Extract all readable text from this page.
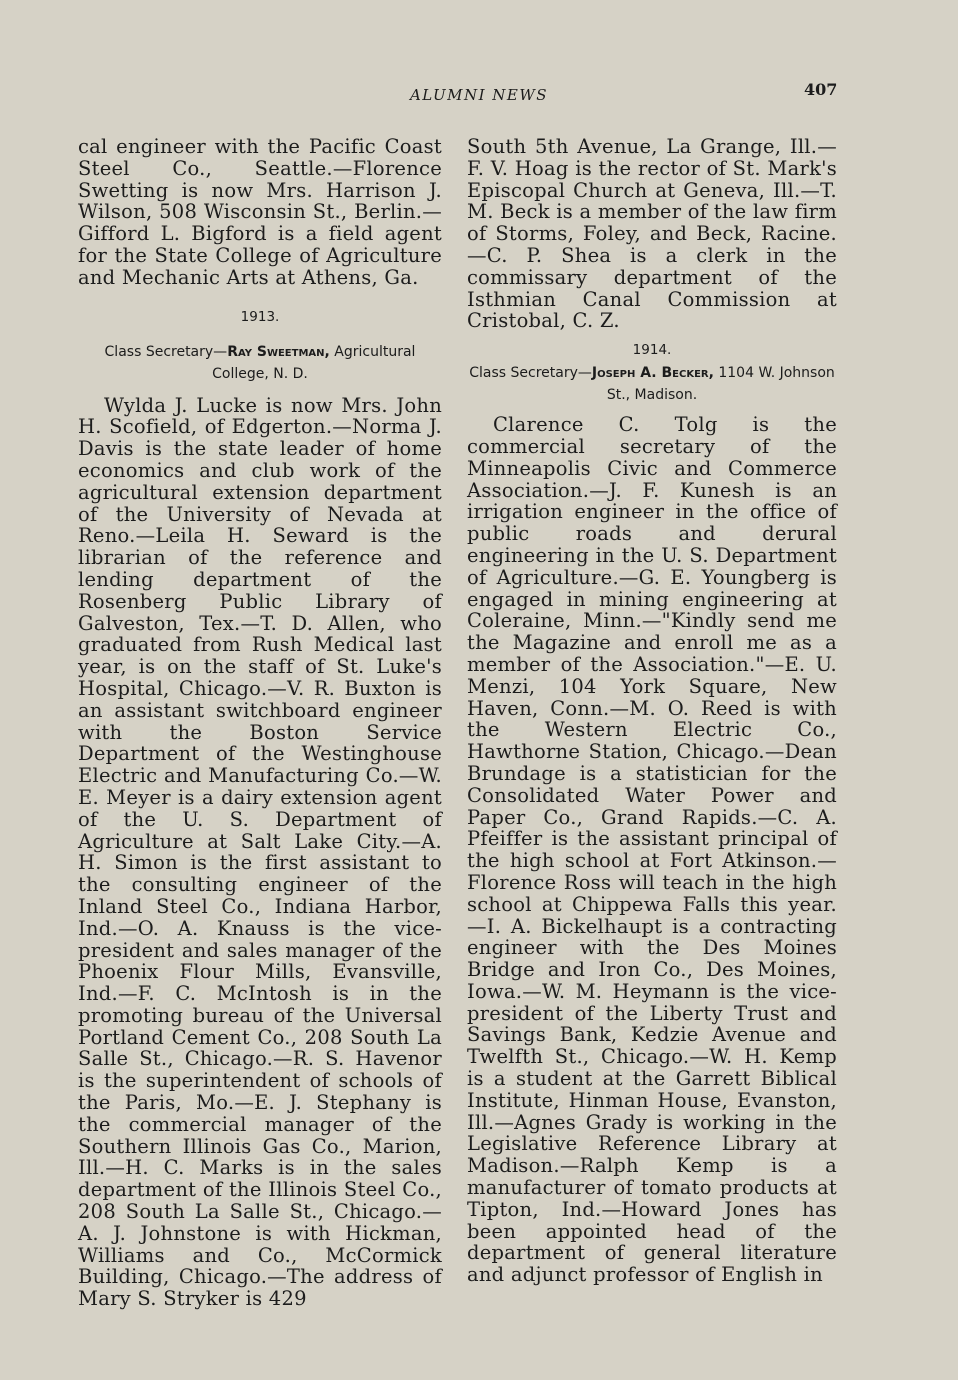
ALUMNI NEWS	407

cal engineer with the Pacific Coast Steel Co., Seattle.—Florence Swetting is now Mrs. Harrison J. Wilson, 508 Wisconsin St., Berlin.—Gifford L. Bigford is a field agent for the State College of Agriculture and Mechanic Arts at Athens, Ga.

1913.
Class Secretary—Ray Sweetman, Agricultural College, N. D.

Wylda J. Lucke is now Mrs. John H. Scofield, of Edgerton.—Norma J. Davis is the state leader of home economics and club work of the agricultural extension department of the University of Nevada at Reno.—Leila H. Seward is the librarian of the reference and lending department of the Rosenberg Public Library of Galveston, Tex.—T. D. Allen, who graduated from Rush Medical last year, is on the staff of St. Luke's Hospital, Chicago.—V. R. Buxton is an assistant switchboard engineer with the Boston Service Department of the Westinghouse Electric and Manufacturing Co.—W. E. Meyer is a dairy extension agent of the U. S. Department of Agriculture at Salt Lake City.—A. H. Simon is the first assistant to the consulting engineer of the Inland Steel Co., Indiana Harbor, Ind.—O. A. Knauss is the vice-president and sales manager of the Phoenix Flour Mills, Evansville, Ind.—F. C. McIntosh is in the promoting bureau of the Universal Portland Cement Co., 208 South La Salle St., Chicago.—R. S. Havenor is the superintendent of schools of the Paris, Mo.—E. J. Stephany is the commercial manager of the Southern Illinois Gas Co., Marion, Ill.—H. C. Marks is in the sales department of the Illinois Steel Co., 208 South La Salle St., Chicago.—A. J. Johnstone is with Hickman, Williams and Co., McCormick Building, Chicago.—The address of Mary S. Stryker is 429

South 5th Avenue, La Grange, Ill.—F. V. Hoag is the rector of St. Mark's Episcopal Church at Geneva, Ill.—T. M. Beck is a member of the law firm of Storms, Foley, and Beck, Racine.—C. P. Shea is a clerk in the commissary department of the Isthmian Canal Commission at Cristobal, C. Z.

1914.
Class Secretary—Joseph A. Becker, 1104 W. Johnson St., Madison.

Clarence C. Tolg is the commercial secretary of the Minneapolis Civic and Commerce Association.—J. F. Kunesh is an irrigation engineer in the office of public roads and derural engineering in the U. S. Department of Agriculture.—G. E. Youngberg is engaged in mining engineering at Coleraine, Minn.—"Kindly send me the Magazine and enroll me as a member of the Association."—E. U. Menzi, 104 York Square, New Haven, Conn.—M. O. Reed is with the Western Electric Co., Hawthorne Station, Chicago.—Dean Brundage is a statistician for the Consolidated Water Power and Paper Co., Grand Rapids.—C. A. Pfeiffer is the assistant principal of the high school at Fort Atkinson.—Florence Ross will teach in the high school at Chippewa Falls this year.—I. A. Bickelhaupt is a contracting engineer with the Des Moines Bridge and Iron Co., Des Moines, Iowa.—W. M. Heymann is the vice-president of the Liberty Trust and Savings Bank, Kedzie Avenue and Twelfth St., Chicago.—W. H. Kemp is a student at the Garrett Biblical Institute, Hinman House, Evanston, Ill.—Agnes Grady is working in the Legislative Reference Library at Madison.—Ralph Kemp is a manufacturer of tomato products at Tipton, Ind.—Howard Jones has been appointed head of the department of general literature and adjunct professor of English in
